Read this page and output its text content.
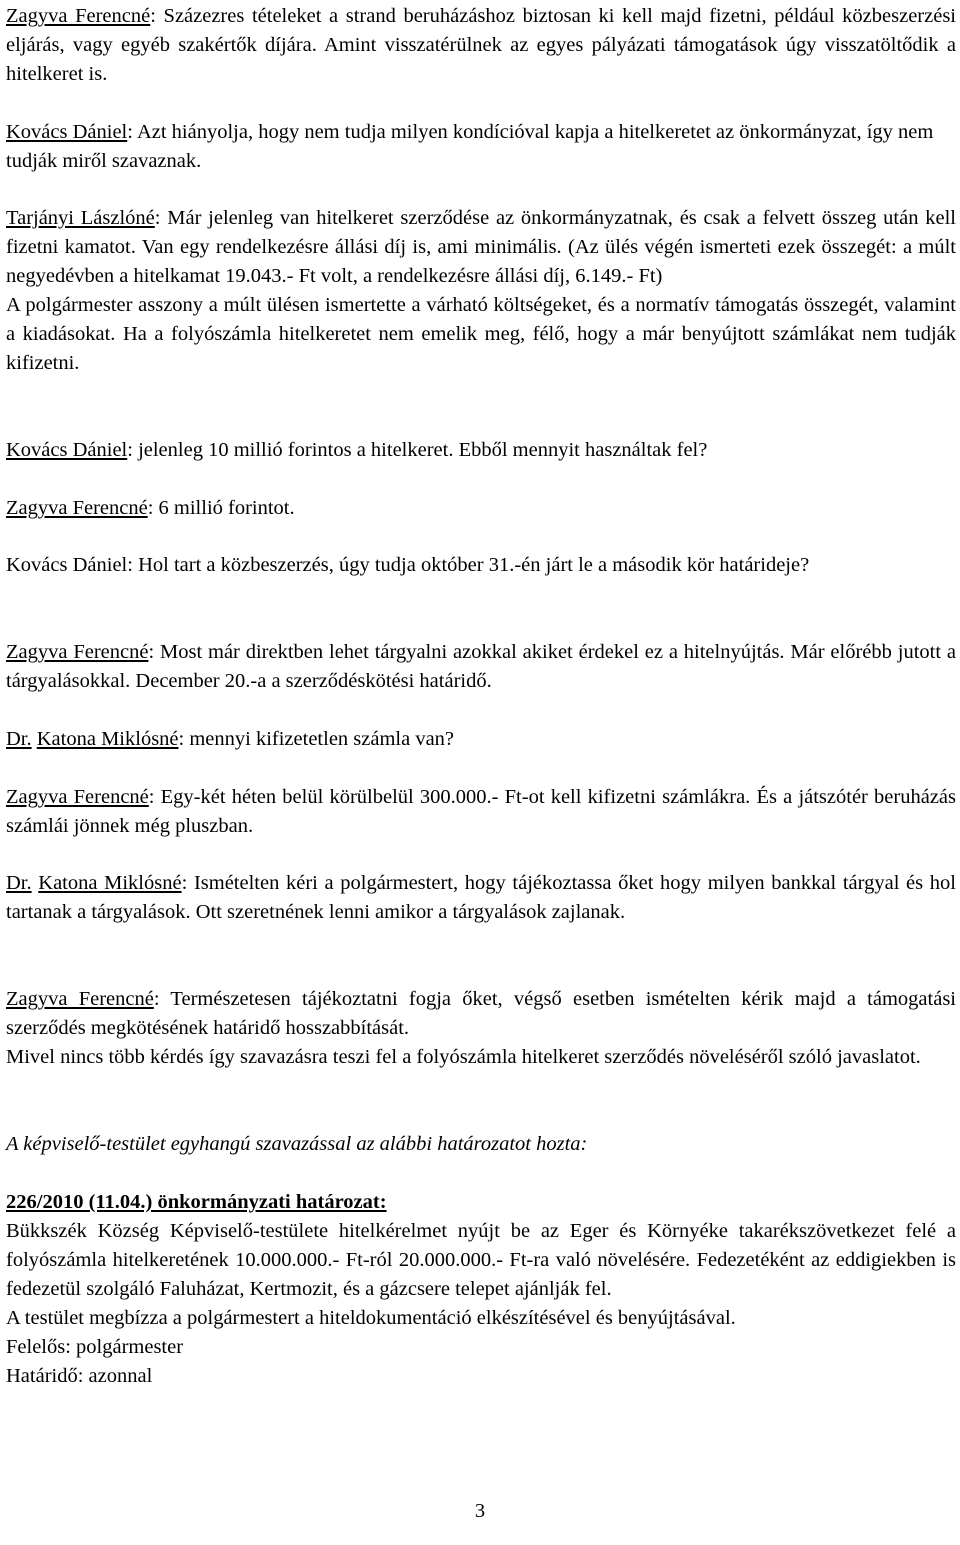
Zagyva Ferencné: Százezres tételeket a strand beruházáshoz biztosan ki kell majd fizetni, például közbeszerzési eljárás, vagy egyéb szakértők díjára. Amint visszatérülnek az egyes pályázati támogatások úgy visszatöltődik a hitelkeret is.

Kovács Dániel: Azt hiányolja, hogy nem tudja milyen kondícióval kapja a hitelkeretet az önkormányzat, így nem tudják miről szavaznak.

Tarjányi Lászlóné: Már jelenleg van hitelkeret szerződése az önkormányzatnak, és csak a felvett összeg után kell fizetni kamatot. Van egy rendelkezésre állási díj is, ami minimális. (Az ülés végén ismerteti ezek összegét: a múlt negyedévben a hitelkamat 19.043.- Ft volt, a rendelkezésre állási díj, 6.149.- Ft)

A polgármester asszony a múlt ülésen ismertette a várható költségeket, és a normatív támogatás összegét, valamint a kiadásokat. Ha a folyószámla hitelkeretet nem emelik meg, félő, hogy a már benyújtott számlákat nem tudják kifizetni.

Kovács Dániel: jelenleg 10 millió forintos a hitelkeret. Ebből mennyit használtak fel?

Zagyva Ferencné: 6 millió forintot.

Kovács Dániel: Hol tart a közbeszerzés, úgy tudja október 31.-én járt le a második kör határideje?

Zagyva Ferencné: Most már direktben lehet tárgyalni azokkal akiket érdekel ez a hitelnyújtás. Már előrébb jutott a tárgyalásokkal. December 20.-a a szerződéskötési határidő.

Dr. Katona Miklósné: mennyi kifizetetlen számla van?

Zagyva Ferencné: Egy-két héten belül körülbelül 300.000.- Ft-ot kell kifizetni számlákra. És a játszótér beruházás számlái jönnek még pluszban.

Dr. Katona Miklósné: Ismételten kéri a polgármestert, hogy tájékoztassa őket hogy milyen bankkal tárgyal és hol tartanak a tárgyalások. Ott szeretnének lenni amikor a tárgyalások zajlanak.

Zagyva Ferencné: Természetesen tájékoztatni fogja őket, végső esetben ismételten kérik majd a támogatási szerződés megkötésének határidő hosszabbítását.

Mivel nincs több kérdés így szavazásra teszi fel a folyószámla hitelkeret szerződés növeléséről szóló javaslatot.

A képviselő-testület egyhangú szavazással az alábbi határozatot hozta:

226/2010 (11.04.) önkormányzati határozat:

Bükkszék Község Képviselő-testülete hitelkérelmet nyújt be az Eger és Környéke takarékszövetkezet felé a folyószámla hitelkeretének 10.000.000.- Ft-ról 20.000.000.- Ft-ra való növelésére. Fedezetéként az eddigiekben is fedezetül szolgáló Faluházat, Kertmozit, és a gázcsere telepet ajánlják fel.

A testület megbízza a polgármestert a hiteldokumentáció elkészítésével és benyújtásával.

Felelős: polgármester

Határidő: azonnal

3
